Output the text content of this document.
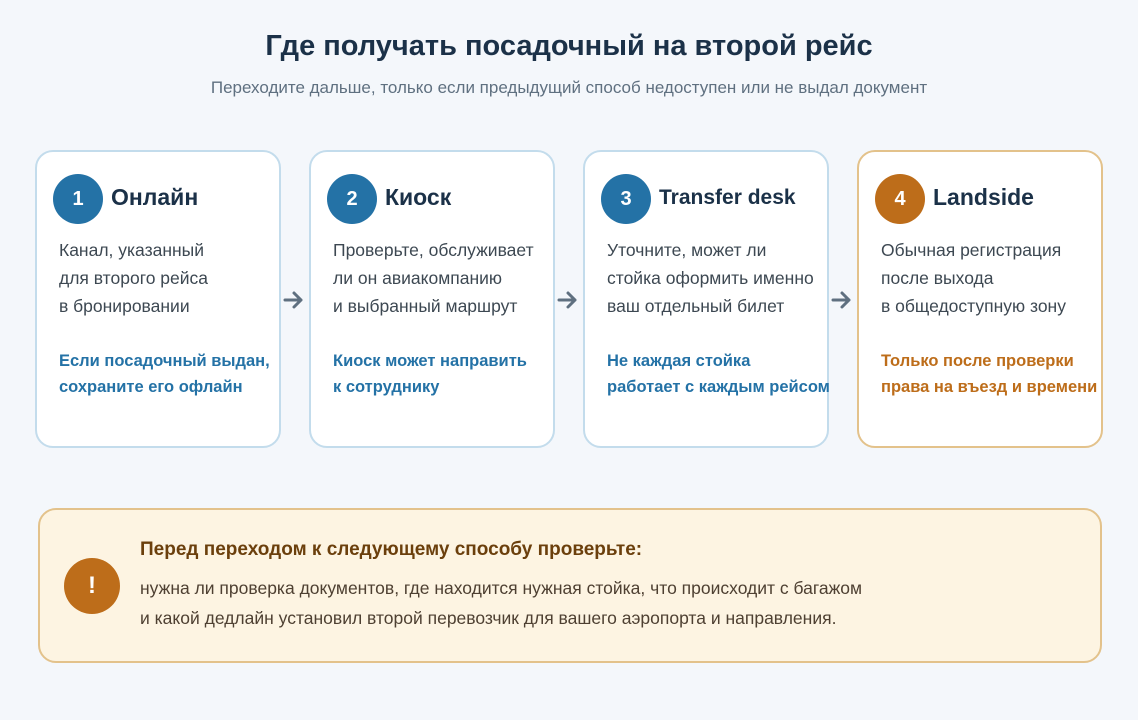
Где получать посадочный на второй рейс
Переходите дальше, только если предыдущий способ недоступен или не выдал документ
1	Онлайн
Канал, указанный
для второго рейса
в бронировании
Если посадочный выдан,
сохраните его офлайн
2	Киоск
Проверьте, обслуживает
ли он авиакомпанию
и выбранный маршрут
Киоск может направить
к сотруднику
3	Transfer desk
Уточните, может ли
стойка оформить именно
ваш отдельный билет
Не каждая стойка
работает с каждым рейсом
4	Landside
Обычная регистрация
после выхода
в общедоступную зону
Только после проверки
права на въезд и времени
!
Перед переходом к следующему способу проверьте:
нужна ли проверка документов, где находится нужная стойка, что происходит с багажом
и какой дедлайн установил второй перевозчик для вашего аэропорта и направления.
